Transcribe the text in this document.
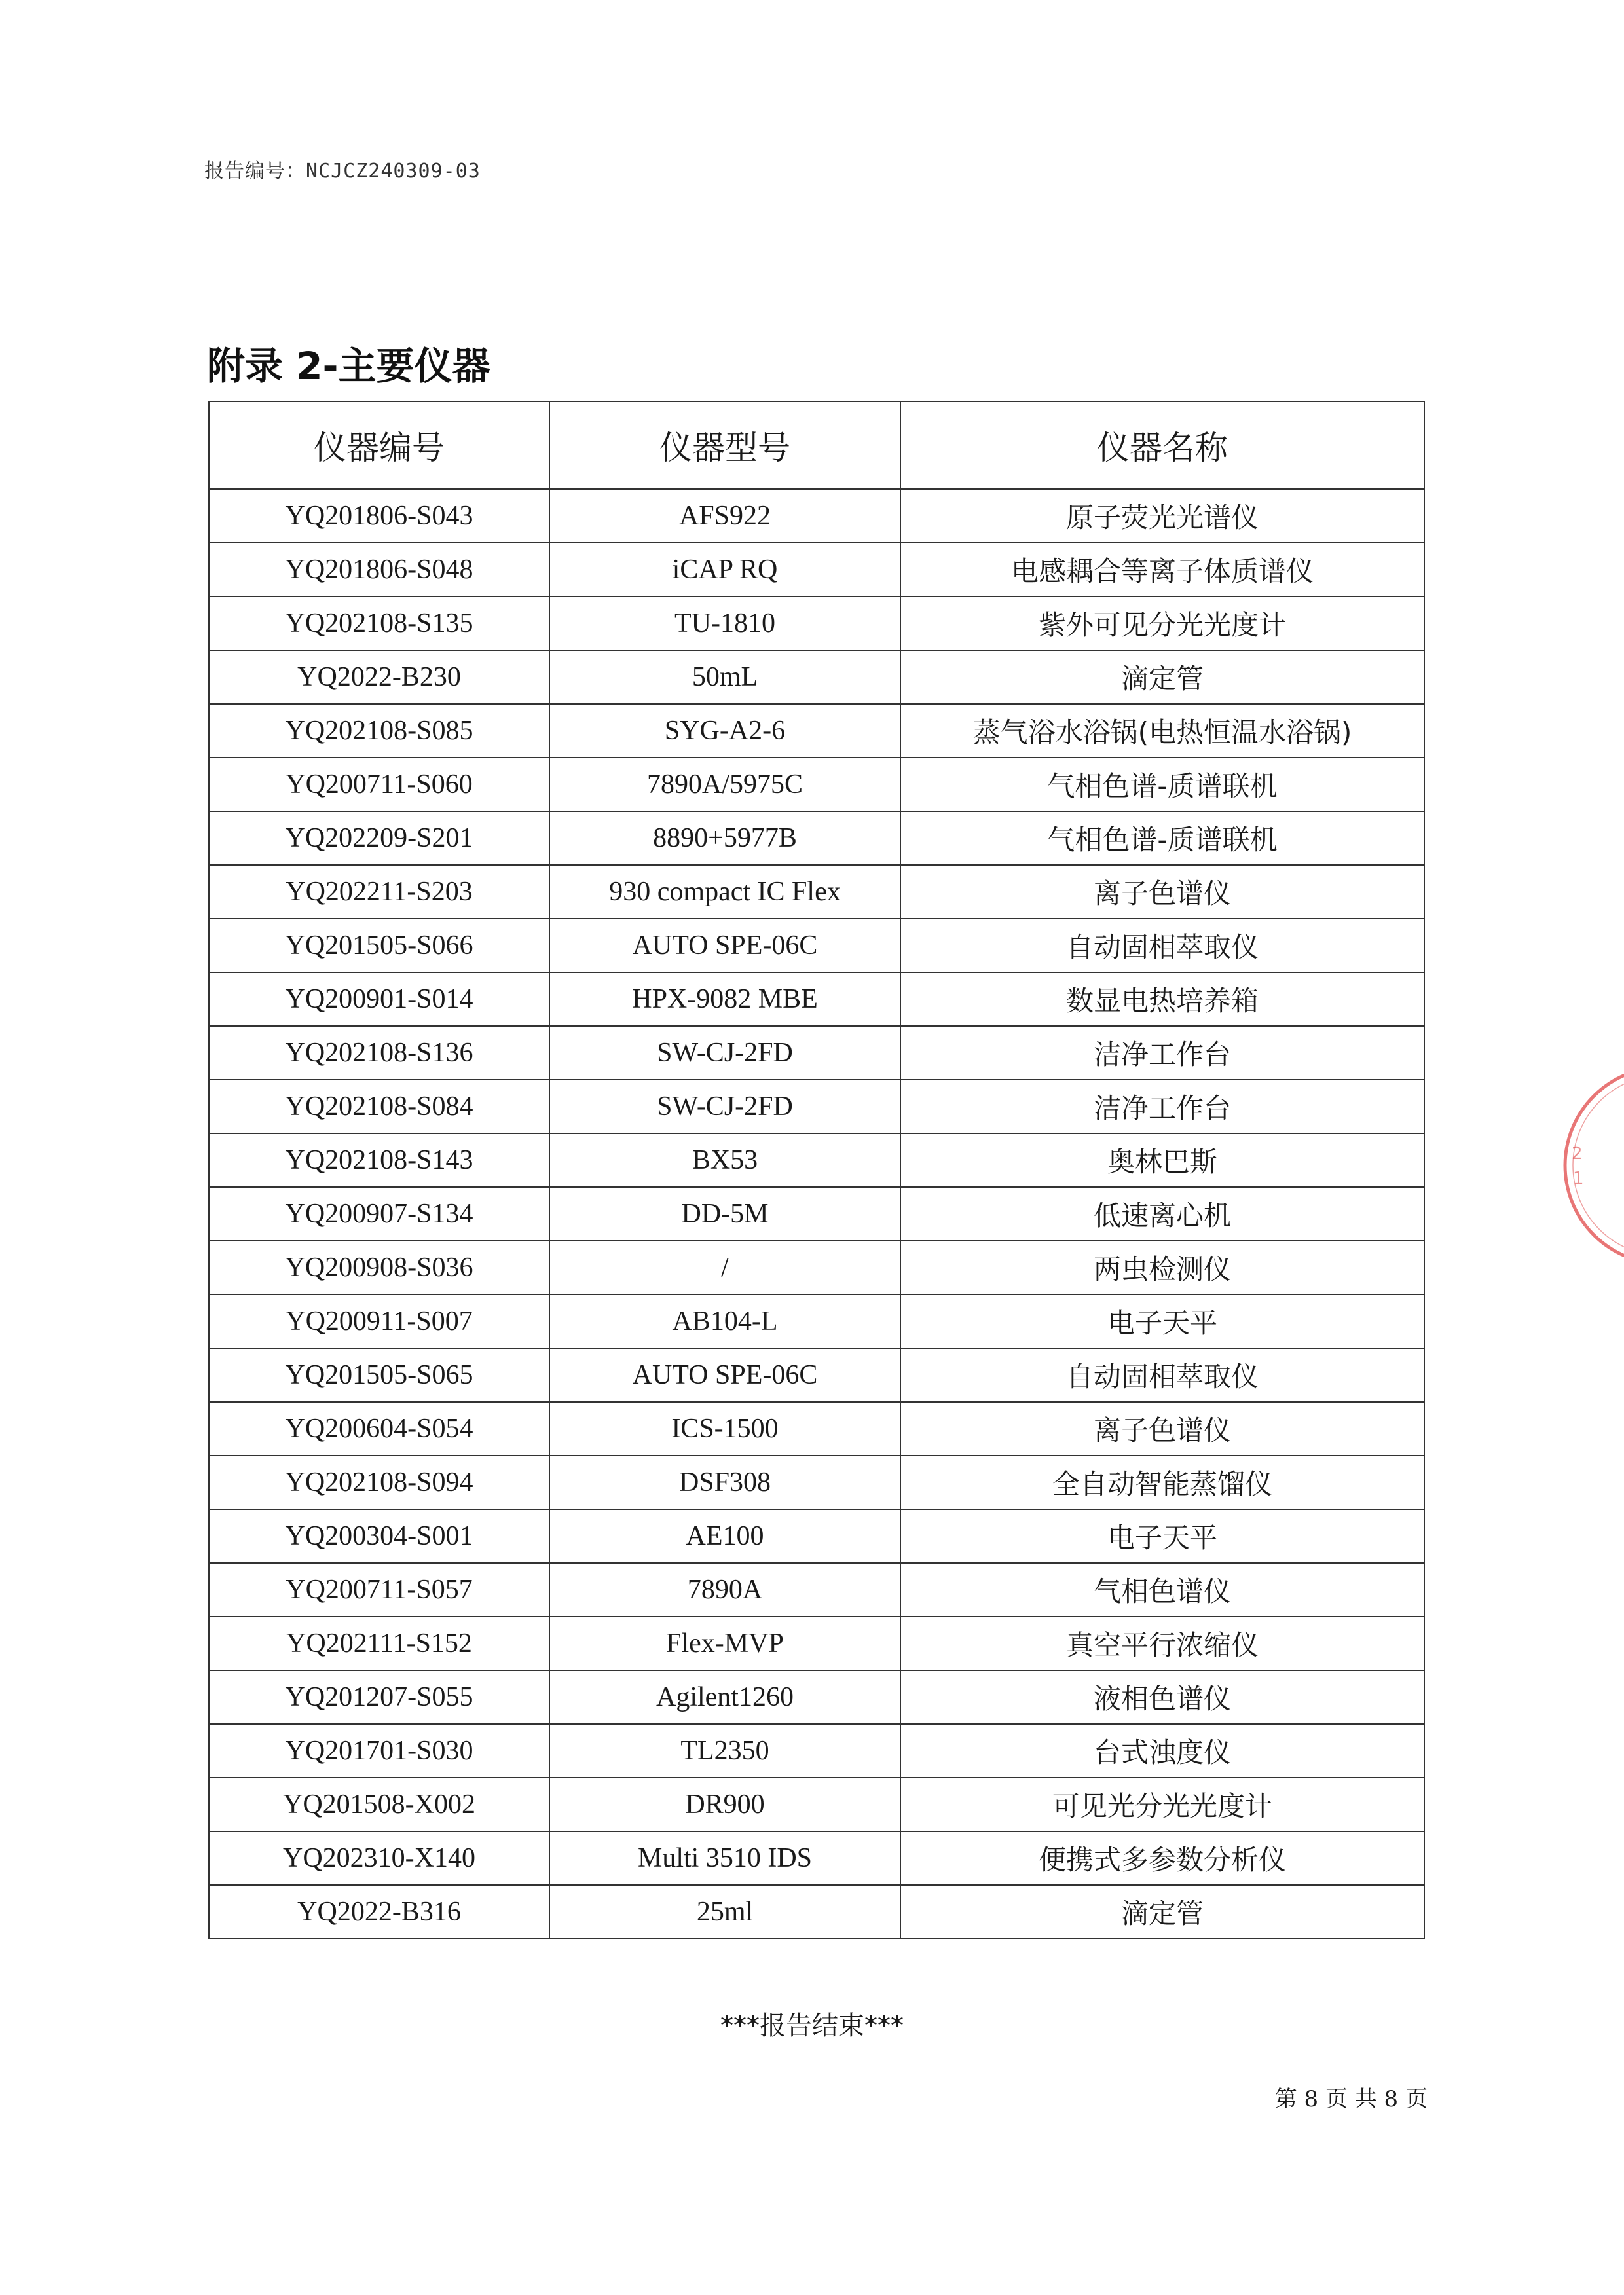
报告编号：NCJCZ240309-03
附录 2-主要仪器
仪器编号	仪器型号	仪器名称
YQ201806-S043	AFS922	原子荧光光谱仪
YQ201806-S048	iCAP RQ	电感耦合等离子体质谱仪
YQ202108-S135	TU-1810	紫外可见分光光度计
YQ2022-B230	50mL	滴定管
YQ202108-S085	SYG-A2-6	蒸气浴水浴锅(电热恒温水浴锅)
YQ200711-S060	7890A/5975C	气相色谱-质谱联机
YQ202209-S201	8890+5977B	气相色谱-质谱联机
YQ202211-S203	930 compact IC Flex	离子色谱仪
YQ201505-S066	AUTO SPE-06C	自动固相萃取仪
YQ200901-S014	HPX-9082 MBE	数显电热培养箱
YQ202108-S136	SW-CJ-2FD	洁净工作台
YQ202108-S084	SW-CJ-2FD	洁净工作台
YQ202108-S143	BX53	奥林巴斯
YQ200907-S134	DD-5M	低速离心机
YQ200908-S036	/	两虫检测仪
YQ200911-S007	AB104-L	电子天平
YQ201505-S065	AUTO SPE-06C	自动固相萃取仪
YQ200604-S054	ICS-1500	离子色谱仪
YQ202108-S094	DSF308	全自动智能蒸馏仪
YQ200304-S001	AE100	电子天平
YQ200711-S057	7890A	气相色谱仪
YQ202111-S152	Flex-MVP	真空平行浓缩仪
YQ201207-S055	Agilent1260	液相色谱仪
YQ201701-S030	TL2350	台式浊度仪
YQ201508-X002	DR900	可见光分光光度计
YQ202310-X140	Multi 3510 IDS	便携式多参数分析仪
YQ2022-B316	25ml	滴定管
2
1
***报告结束***
第 8 页 共 8 页
